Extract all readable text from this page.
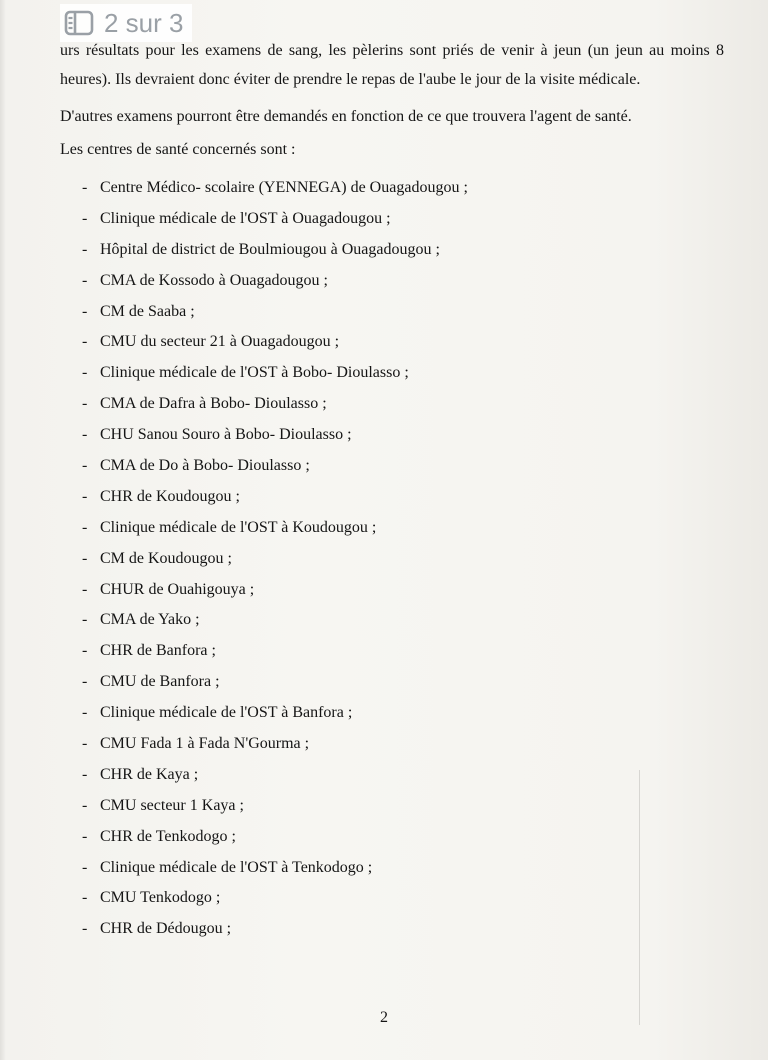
2 sur 3

urs résultats pour les examens de sang, les pèlerins sont priés de venir à jeun (un jeun au moins 8 heures). Ils devraient donc éviter de prendre le repas de l'aube le jour de la visite médicale.

D'autres examens pourront être demandés en fonction de ce que trouvera l'agent de santé.

Les centres de santé concernés sont :

- Centre Médico- scolaire (YENNEGA) de Ouagadougou ;
- Clinique médicale de l'OST à Ouagadougou ;
- Hôpital de district de Boulmiougou à Ouagadougou ;
- CMA de Kossodo à Ouagadougou ;
- CM de Saaba ;
- CMU du secteur 21 à Ouagadougou ;
- Clinique médicale de l'OST à Bobo- Dioulasso ;
- CMA de Dafra à Bobo- Dioulasso ;
- CHU Sanou Souro à Bobo- Dioulasso ;
- CMA de Do à Bobo- Dioulasso ;
- CHR de Koudougou ;
- Clinique médicale de l'OST à Koudougou ;
- CM de Koudougou ;
- CHUR de Ouahigouya ;
- CMA de Yako ;
- CHR de Banfora ;
- CMU de Banfora ;
- Clinique médicale de l'OST à Banfora ;
- CMU Fada 1 à Fada N'Gourma ;
- CHR de Kaya ;
- CMU secteur 1 Kaya ;
- CHR de Tenkodogo ;
- Clinique médicale de l'OST à Tenkodogo ;
- CMU Tenkodogo ;
- CHR de Dédougou ;
2
